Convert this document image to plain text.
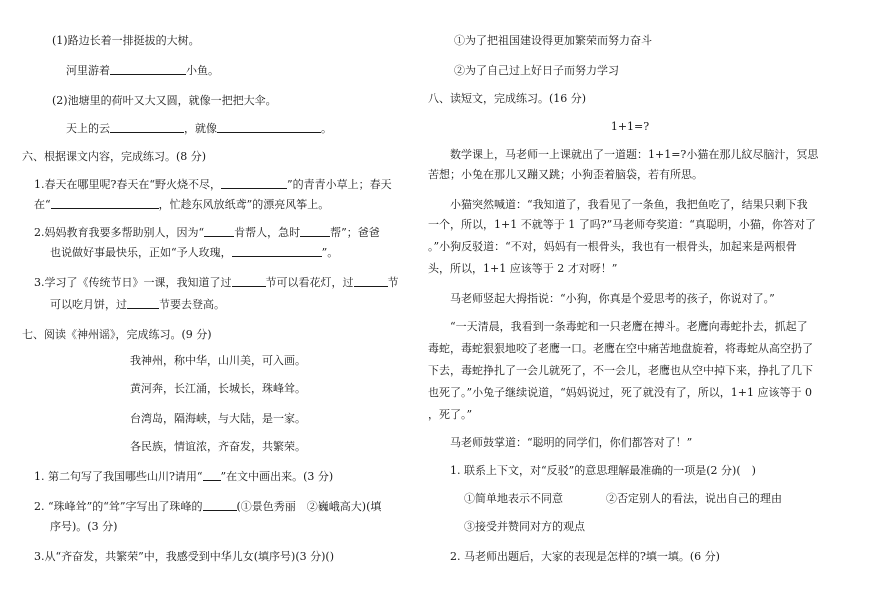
(1)路边长着一排挺拔的大树。
河里游着	小鱼。
(2)池塘里的荷叶又大又圆，就像一把把大伞。
天上的云	，就像	。
六、根据课文内容，完成练习。(8 分)
1.春天在哪里呢?春天在“野火烧不尽，	”的青青小草上；春天
在“	，忙趁东风放纸鸢”的漂亮风筝上。
2.妈妈教育我要多帮助别人，因为“	肯帮人，急时	帮”；爸爸
也说做好事最快乐，正如“予人玫瑰，	”。
3.学习了《传统节日》一课，我知道了过	节可以看花灯，过	节
可以吃月饼，过	节要去登高。
七、阅读《神州谣》，完成练习。(9 分)
我神州，称中华，山川美，可入画。
黄河奔，长江涌，长城长，珠峰耸。
台湾岛，隔海峡，与大陆，是一家。
各民族，情谊浓，齐奋发，共繁荣。
1. 第二句写了我国哪些山川?请用“ ”在文中画出来。(3 分)
2. “珠峰耸”的“耸”字写出了珠峰的	(①景色秀丽　②巍峨高大)(填
序号)。(3 分)
3.从“齐奋发，共繁荣”中，我感受到中华儿女(填序号)(3 分)()
①为了把祖国建设得更加繁荣而努力奋斗
②为了自己过上好日子而努力学习
八、读短文，完成练习。(16 分)
1+1=?
数学课上，马老师一上课就出了一道题：1+1=?小猫在那儿紋尽脑汁，冥思
苦想；小兔在那儿又蹦又跳；小狗歪着脑袋，若有所思。
小猫突然喊道：“我知道了，我看见了一条鱼，我把鱼吃了，结果只剩下我
一个，所以，1+1 不就等于 1 了吗?”马老师夸奖道：“真聪明，小猫，你答对了
。”小狗反驳道：“不对，妈妈有一根骨头，我也有一根骨头，加起来是两根骨
头，所以，1+1 应该等于 2 才对呀！”
马老师竖起大拇指说：“小狗，你真是个爱思考的孩子，你说对了。”
“一天清晨，我看到一条毒蛇和一只老鹰在搏斗。老鹰向毒蛇扑去，抓起了
毒蛇，毒蛇狠狠地咬了老鹰一口。老鹰在空中痛苦地盘旋着，将毒蛇从高空扔了
下去，毒蛇挣扎了一会儿就死了，不一会儿，老鹰也从空中掉下来，挣扎了几下
也死了。”小兔子继续说道，“妈妈说过，死了就没有了，所以，1+1 应该等于 0
，死了。”
马老师鼓掌道：“聪明的同学们，你们都答对了！”
1. 联系上下文，对“反驳”的意思理解最准确的一项是(2 分)(　)
①简单地表示不同意	②否定别人的看法，说出自己的理由
③接受并赞同对方的观点
2. 马老师出题后，大家的表现是怎样的?填一填。(6 分)
